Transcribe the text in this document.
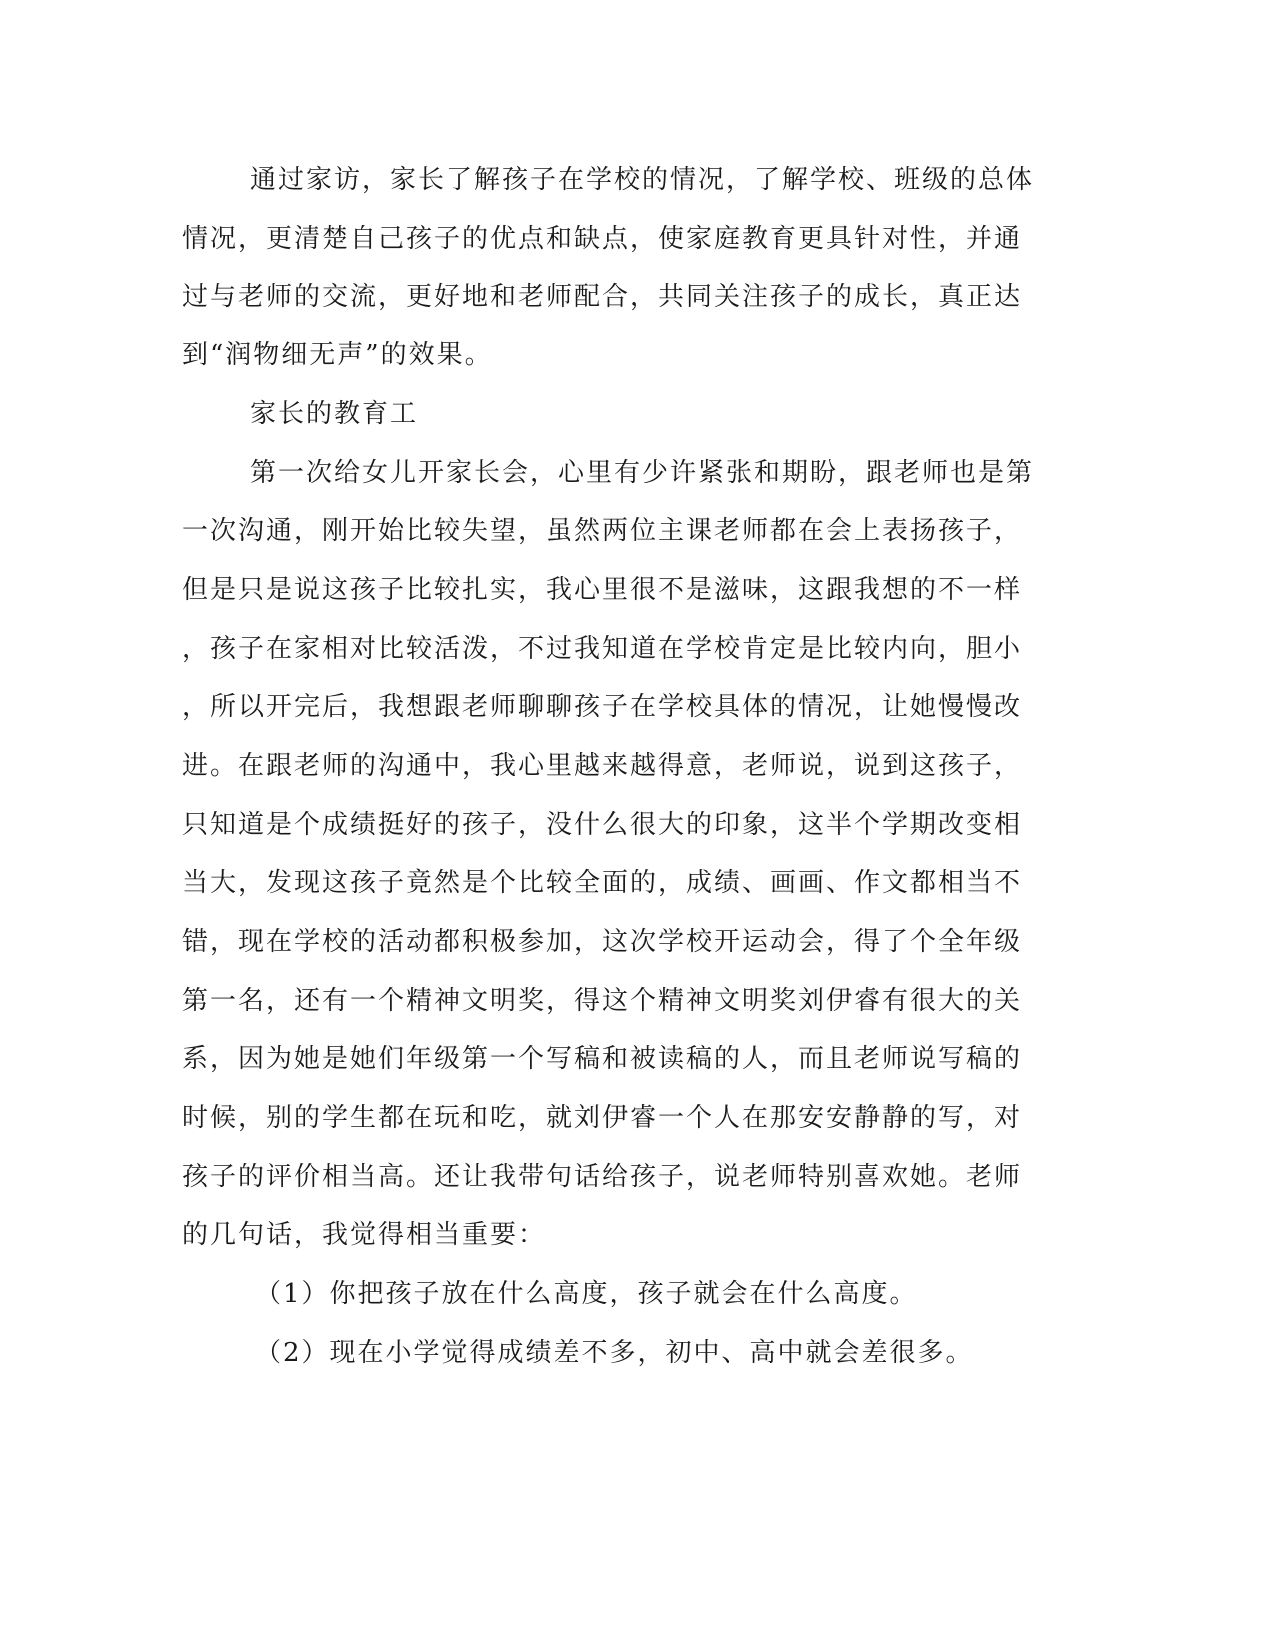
通过家访，家长了解孩子在学校的情况，了解学校、班级的总体

情况，更清楚自己孩子的优点和缺点，使家庭教育更具针对性，并通

过与老师的交流，更好地和老师配合，共同关注孩子的成长，真正达

到“润物细无声”的效果。

家长的教育工

第一次给女儿开家长会，心里有少许紧张和期盼，跟老师也是第

一次沟通，刚开始比较失望，虽然两位主课老师都在会上表扬孩子，

但是只是说这孩子比较扎实，我心里很不是滋味，这跟我想的不一样

，孩子在家相对比较活泼，不过我知道在学校肯定是比较内向，胆小

，所以开完后，我想跟老师聊聊孩子在学校具体的情况，让她慢慢改

进。在跟老师的沟通中，我心里越来越得意，老师说，说到这孩子，

只知道是个成绩挺好的孩子，没什么很大的印象，这半个学期改变相

当大，发现这孩子竟然是个比较全面的，成绩、画画、作文都相当不

错，现在学校的活动都积极参加，这次学校开运动会，得了个全年级

第一名，还有一个精神文明奖，得这个精神文明奖刘伊睿有很大的关

系，因为她是她们年级第一个写稿和被读稿的人，而且老师说写稿的

时候，别的学生都在玩和吃，就刘伊睿一个人在那安安静静的写，对

孩子的评价相当高。还让我带句话给孩子，说老师特别喜欢她。老师

的几句话，我觉得相当重要：

（1）你把孩子放在什么高度，孩子就会在什么高度。

（2）现在小学觉得成绩差不多，初中、高中就会差很多。
